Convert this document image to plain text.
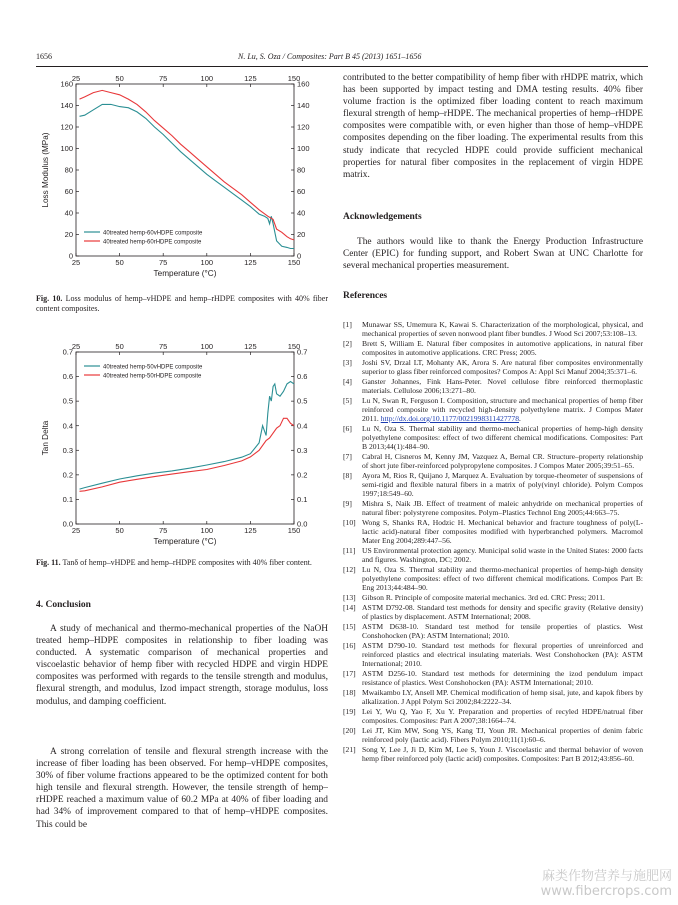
1656	N. Lu, S. Oza / Composites: Part B 45 (2013) 1651–1656
25	50	75	100	125	150
25	50	75	100	125	150
0
20
40
60
80
100
120
140
160
0
20
40
60
80
100
120
140
160
Temperature (°C)
Loss Modulus (MPa)
40treated hemp-60vHDPE composite
40treated hemp-60rHDPE composite
Fig. 10. Loss modulus of hemp–vHDPE and hemp–rHDPE composites with 40% fiber content composites.
25	50	75	100	125	150
25	50	75	100	125	150
0.0
0.1
0.2
0.3
0.4
0.5
0.6
0.7
0.0
0.1
0.2
0.3
0.4
0.5
0.6
0.7
Temperature (°C)
Tan Delta
40treated hemp-50vHDPE composite
40treated hemp-50rHDPE composite
Fig. 11. Tanδ of hemp–vHDPE and hemp–rHDPE composites with 40% fiber content.
4. Conclusion
A study of mechanical and thermo-mechanical properties of the NaOH treated hemp–HDPE composites in relationship to fiber loading was conducted. A systematic comparison of mechanical properties and viscoelastic behavior of hemp fiber with recycled HDPE and virgin HDPE composites was performed with regards to the tensile strength and modulus, flexural strength, and modulus, Izod impact strength, storage modulus, loss modulus, and damping coefficient.
A strong correlation of tensile and flexural strength increase with the increase of fiber loading has been observed. For hemp–vHDPE composites, 30% of fiber volume fractions appeared to be the optimized content for both high tensile and flexural strength. However, the tensile strength of hemp–rHDPE reached a maximum value of 60.2 MPa at 40% of fiber loading and had 34% of improvement compared to that of hemp–vHDPE composites. This could be
contributed to the better compatibility of hemp fiber with rHDPE matrix, which has been supported by impact testing and DMA testing results. 40% fiber volume fraction is the optimized fiber loading content to reach maximum flexural strength of hemp–rHDPE. The mechanical properties of hemp–rHDPE composites were compatible with, or even higher than those of hemp–vHDPE composites depending on the fiber loading. The experimental results from this study indicate that recycled HDPE could provide sufficient mechanical properties for natural fiber composites in the replacement of virgin HDPE matrix.
Acknowledgements
The authors would like to thank the Energy Production Infrastructure Center (EPIC) for funding support, and Robert Swan at UNC Charlotte for several mechanical properties measurement.
References
[1] Munawar SS, Umemura K, Kawai S. Characterization of the morphological, physical, and mechanical properties of seven nonwood plant fiber bundles. J Wood Sci 2007;53:108–13.
[2] Brett S, William E. Natural fiber composites in automotive applications, in natural fiber composites in automotive applications. CRC Press; 2005.
[3] Joshi SV, Drzal LT, Mohanty AK, Arora S. Are natural fiber composites environmentally superior to glass fiber reinforced composites? Compos A: Appl Sci Manuf 2004;35:371–6.
[4] Ganster Johannes, Fink Hans-Peter. Novel cellulose fibre reinforced thermoplastic materials. Cellulose 2006;13:271–80.
[5] Lu N, Swan R, Ferguson I. Composition, structure and mechanical properties of hemp fiber reinforced composite with recycled high-density polyethylene matrix. J Compos Mater 2011. http://dx.doi.org/10.1177/0021998311427778.
[6] Lu N, Oza S. Thermal stability and thermo-mechanical properties of hemp-high density polyethylene composites: effect of two different chemical modifications. Composites: Part B 2013;44(1):484–90.
[7] Cabral H, Cisneros M, Kenny JM, Vazquez A, Bernal CR. Structure–property relationship of short jute fiber-reinforced polypropylene composites. J Compos Mater 2005;39:51–65.
[8] Ayora M, Rios R, Quijano J, Marquez A. Evaluation by torque-rheometer of suspensions of semi-rigid and flexible natural fibers in a matrix of poly(vinyl chloride). Polym Compos 1997;18:549–60.
[9] Mishra S, Naik JB. Effect of treatment of maleic anhydride on mechanical properties of natural fiber: polystyrene composites. Polym–Plastics Technol Eng 2005;44:663–75.
[10] Wong S, Shanks RA, Hodzic H. Mechanical behavior and fracture toughness of poly(L-lactic acid)-natural fiber composites modified with hyperbranched polymers. Macromol Mater Eng 2004;289:447–56.
[11] US Environmental protection agency. Municipal solid waste in the United States: 2000 facts and figures. Washington, DC; 2002.
[12] Lu N, Oza S. Thermal stability and thermo-mechanical properties of hemp-high density polyethylene composites: effect of two different chemical modifications. Compos Part B: Eng 2013;44:484–90.
[13] Gibson R. Principle of composite material mechanics. 3rd ed. CRC Press; 2011.
[14] ASTM D792-08. Standard test methods for density and specific gravity (Relative density) of plastics by displacement. ASTM International; 2008.
[15] ASTM D638-10. Standard test method for tensile properties of plastics. West Conshohocken (PA): ASTM International; 2010.
[16] ASTM D790-10. Standard test methods for flexural properties of unreinforced and reinforced plastics and electrical insulating materials. West Conshohocken (PA): ASTM International; 2010.
[17] ASTM D256-10. Standard test methods for determining the izod pendulum impact resistance of plastics. West Conshohocken (PA): ASTM International; 2010.
[18] Mwaikambo LY, Ansell MP. Chemical modification of hemp sisal, jute, and kapok fibers by alkalization. J Appl Polym Sci 2002;84:2222–34.
[19] Lei Y, Wu Q, Yao F, Xu Y. Preparation and properties of recyled HDPE/natrual fiber composites. Composites: Part A 2007;38:1664–74.
[20] Lei JT, Kim MW, Song YS, Kang TJ, Youn JR. Mechanical properties of denim fabric reinforced poly (lactic acid). Fibers Polym 2010;11(1):60–6.
[21] Song Y, Lee J, Ji D, Kim M, Lee S, Youn J. Viscoelastic and thermal behavior of woven hemp fiber reinforced poly (lactic acid) composites. Composites: Part B 2012;43:856–60.
麻类作物营养与施肥网
www.fibercrops.com
